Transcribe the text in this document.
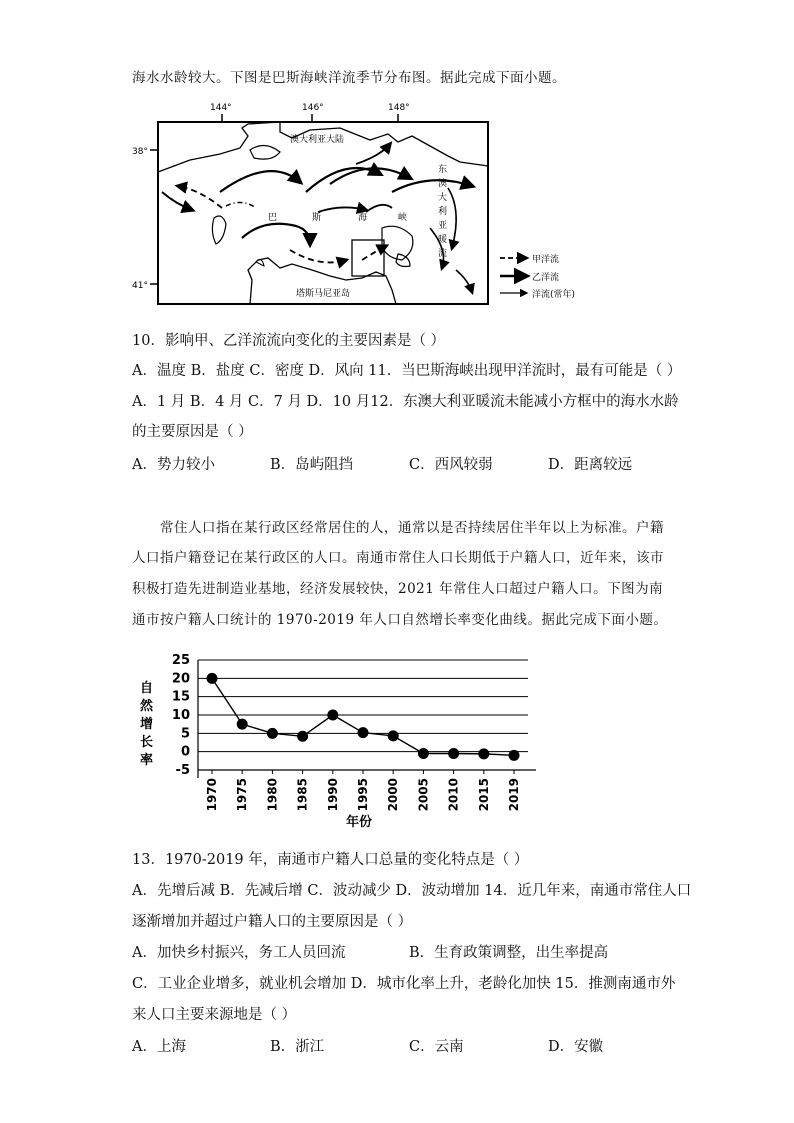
海水水龄较大。下图是巴斯海峡洋流季节分布图。据此完成下面小题。
144°	146°	148°
38°
41°
澳大利亚大陆
塔斯马尼亚岛
巴	斯	海	峡
东
澳
大
利
亚
暖
流
甲洋流
乙洋流
洋流(常年)
10．影响甲、乙洋流流向变化的主要因素是（ ）
A．温度 B．盐度 C．密度 D．风向 11．当巴斯海峡出现甲洋流时，最有可能是（ ）
A．1 月 B．4 月 C．7 月 D．10 月12．东澳大利亚暖流未能减小方框中的海水水龄
的主要原因是（ ）
A．势力较小	B．岛屿阻挡	C．西风较弱	D．距离较远
常住人口指在某行政区经常居住的人，通常以是否持续居住半年以上为标准。户籍
人口指户籍登记在某行政区的人口。南通市常住人口长期低于户籍人口，近年来，该市
积极打造先进制造业基地，经济发展较快，2021 年常住人口超过户籍人口。下图为南
通市按户籍人口统计的 1970-2019 年人口自然增长率变化曲线。据此完成下面小题。
25
20
15
10
5
0
-5
1970 1975 1980 1985 1990 1995 2000 2005 2010 2015 2019
自
然
增
长
率
年份
13．1970-2019 年，南通市户籍人口总量的变化特点是（ ）
A．先增后减 B．先减后增 C．波动减少 D．波动增加 14．近几年来，南通市常住人口
逐渐增加并超过户籍人口的主要原因是（ ）
A．加快乡村振兴，务工人员回流	B．生育政策调整，出生率提高
C．工业企业增多，就业机会增加 D．城市化率上升，老龄化加快 15．推测南通市外
来人口主要来源地是（ ）
A．上海	B．浙江	C．云南	D．安徽
